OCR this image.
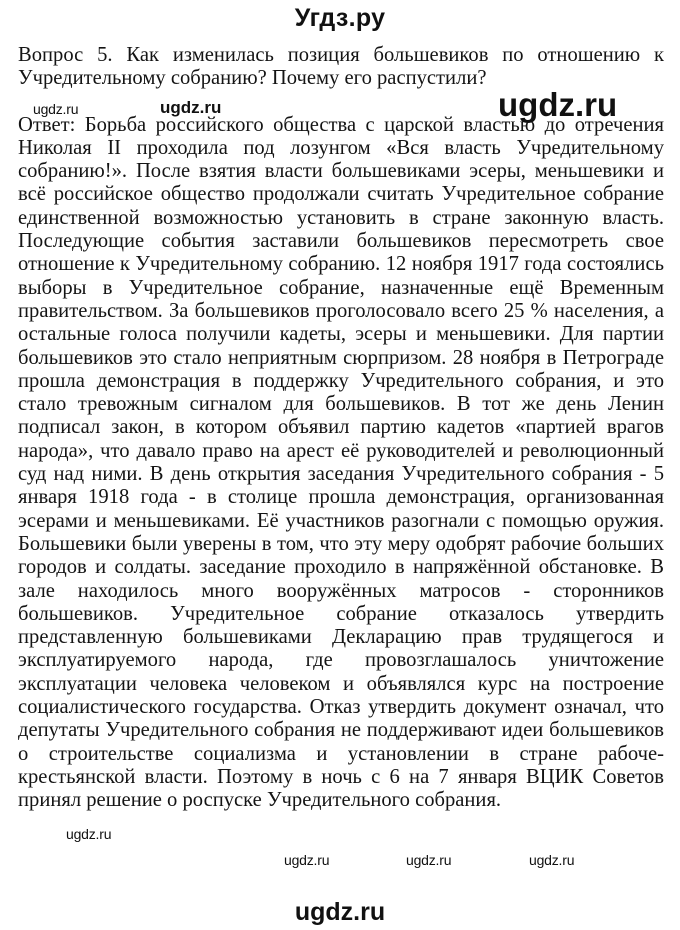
Угдз.ру

Вопрос 5. Как изменилась позиция большевиков по отношению к Учредительному собранию? Почему его распустили?

Ответ: Борьба российского общества с царской властью до отречения Николая II проходила под лозунгом «Вся власть Учредительному собранию!». После взятия власти большевиками эсеры, меньшевики и всё российское общество продолжали считать Учредительное собрание единственной возможностью установить в стране законную власть. Последующие события заставили большевиков пересмотреть свое отношение к Учредительному собранию. 12 ноября 1917 года состоялись выборы в Учредительное собрание, назначенные ещё Временным правительством. За большевиков проголосовало всего 25 % населения, а остальные голоса получили кадеты, эсеры и меньшевики. Для партии большевиков это стало неприятным сюрпризом. 28 ноября в Петрограде прошла демонстрация в поддержку Учредительного собрания, и это стало тревожным сигналом для большевиков. В тот же день Ленин подписал закон, в котором объявил партию кадетов «партией врагов народа», что давало право на арест её руководителей и революционный суд над ними. В день открытия заседания Учредительного собрания - 5 января 1918 года - в столице прошла демонстрация, организованная эсерами и меньшевиками. Её участников разогнали с помощью оружия. Большевики были уверены в том, что эту меру одобрят рабочие больших городов и солдаты. заседание проходило в напряжённой обстановке. В зале находилось много вооружённых матросов - сторонников большевиков. Учредительное собрание отказалось утвердить представленную большевиками Декларацию прав трудящегося и эксплуатируемого народа, где провозглашалось уничтожение эксплуатации человека человеком и объявлялся курс на построение социалистического государства. Отказ утвердить документ означал, что депутаты Учредительного собрания не поддерживают идеи большевиков о строительстве социализма и установлении в стране рабоче-крестьянской власти. Поэтому в ночь с 6 на 7 января ВЦИК Советов принял решение о роспуске Учредительного собрания.

ugdz.ru	ugdz.ru	ugdz.ru
ugdz.ru
ugdz.ru	ugdz.ru	ugdz.ru
ugdz.ru
